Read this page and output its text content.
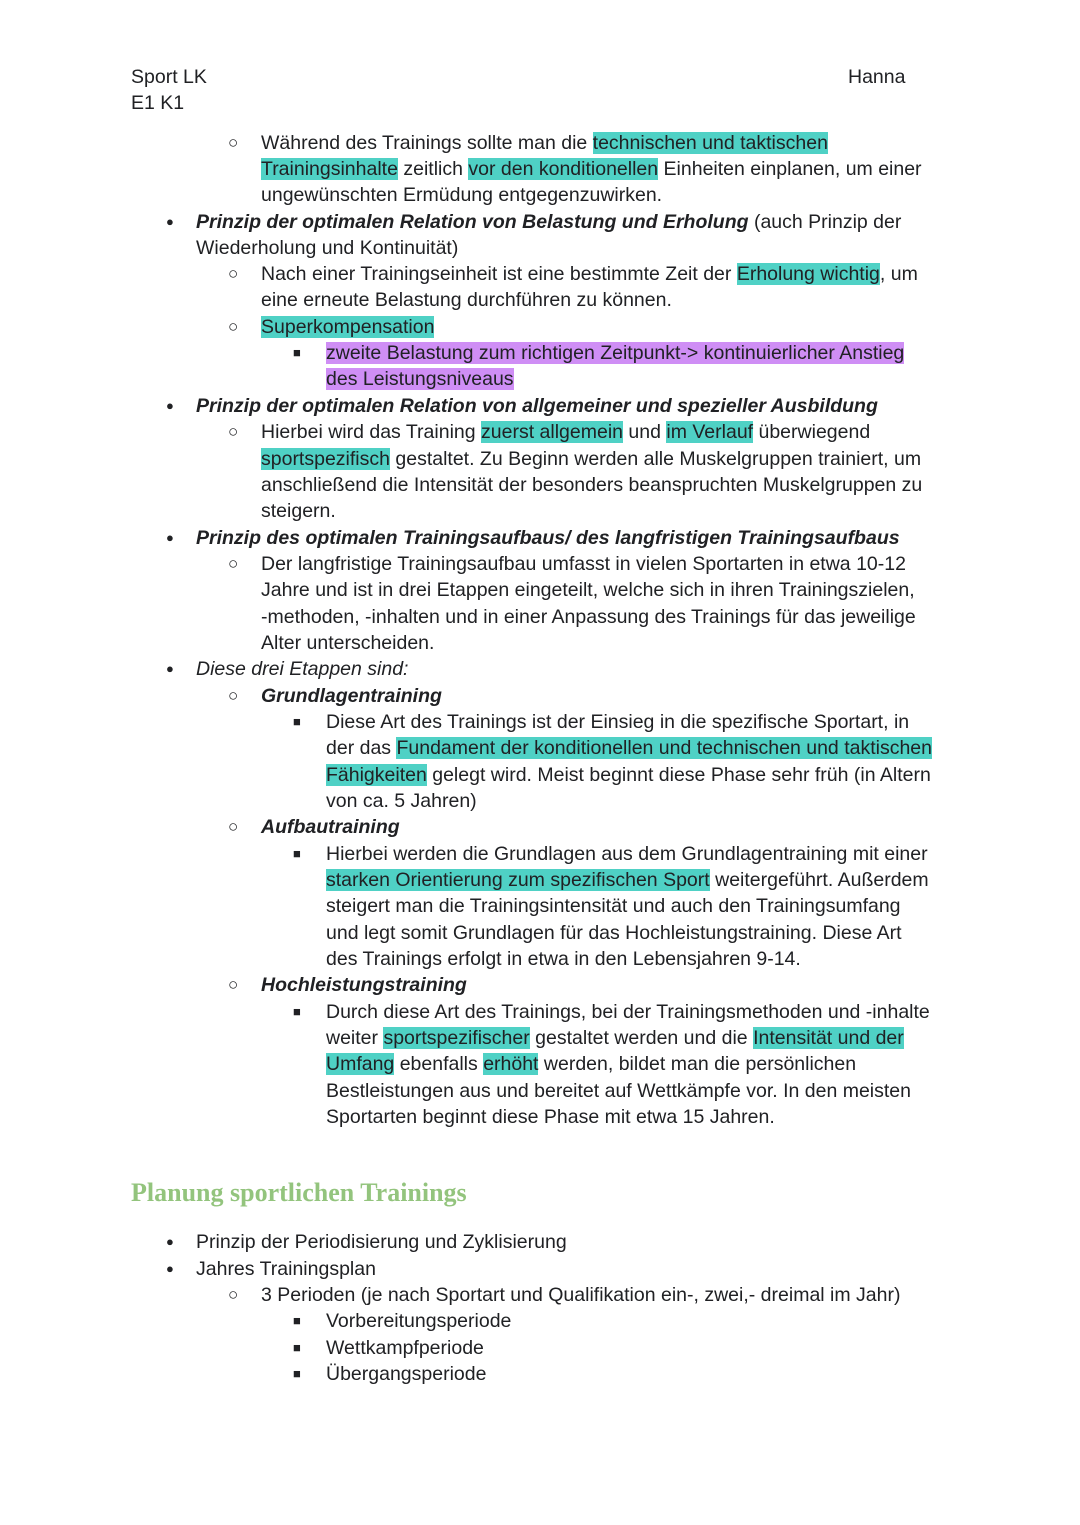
Sport LK
E1 K1
Hanna
○ Während des Trainings sollte man die technischen und taktischen
Trainingsinhalte zeitlich vor den konditionellen Einheiten einplanen, um einer
ungewünschten Ermüdung entgegenzuwirken.
● Prinzip der optimalen Relation von Belastung und Erholung (auch Prinzip der
Wiederholung und Kontinuität)
○ Nach einer Trainingseinheit ist eine bestimmte Zeit der Erholung wichtig, um
eine erneute Belastung durchführen zu können.
○ Superkompensation
■ zweite Belastung zum richtigen Zeitpunkt-> kontinuierlicher Anstieg
des Leistungsniveaus
● Prinzip der optimalen Relation von allgemeiner und spezieller Ausbildung
○ Hierbei wird das Training zuerst allgemein und im Verlauf überwiegend
sportspezifisch gestaltet. Zu Beginn werden alle Muskelgruppen trainiert, um
anschließend die Intensität der besonders beanspruchten Muskelgruppen zu
steigern.
● Prinzip des optimalen Trainingsaufbaus/ des langfristigen Trainingsaufbaus
○ Der langfristige Trainingsaufbau umfasst in vielen Sportarten in etwa 10-12
Jahre und ist in drei Etappen eingeteilt, welche sich in ihren Trainingszielen,
-methoden, -inhalten und in einer Anpassung des Trainings für das jeweilige
Alter unterscheiden.
● Diese drei Etappen sind:
○ Grundlagentraining
■ Diese Art des Trainings ist der Einsieg in die spezifische Sportart, in
der das Fundament der konditionellen und technischen und taktischen
Fähigkeiten gelegt wird. Meist beginnt diese Phase sehr früh (in Altern
von ca. 5 Jahren)
○ Aufbautraining
■ Hierbei werden die Grundlagen aus dem Grundlagentraining mit einer
starken Orientierung zum spezifischen Sport weitergeführt. Außerdem
steigert man die Trainingsintensität und auch den Trainingsumfang
und legt somit Grundlagen für das Hochleistungstraining. Diese Art
des Trainings erfolgt in etwa in den Lebensjahren 9-14.
○ Hochleistungstraining
■ Durch diese Art des Trainings, bei der Trainingsmethoden und -inhalte
weiter sportspezifischer gestaltet werden und die Intensität und der
Umfang ebenfalls erhöht werden, bildet man die persönlichen
Bestleistungen aus und bereitet auf Wettkämpfe vor. In den meisten
Sportarten beginnt diese Phase mit etwa 15 Jahren.
Planung sportlichen Trainings
● Prinzip der Periodisierung und Zyklisierung
● Jahres Trainingsplan
○ 3 Perioden (je nach Sportart und Qualifikation ein-, zwei,- dreimal im Jahr)
■ Vorbereitungsperiode
■ Wettkampfperiode
■ Übergangsperiode
